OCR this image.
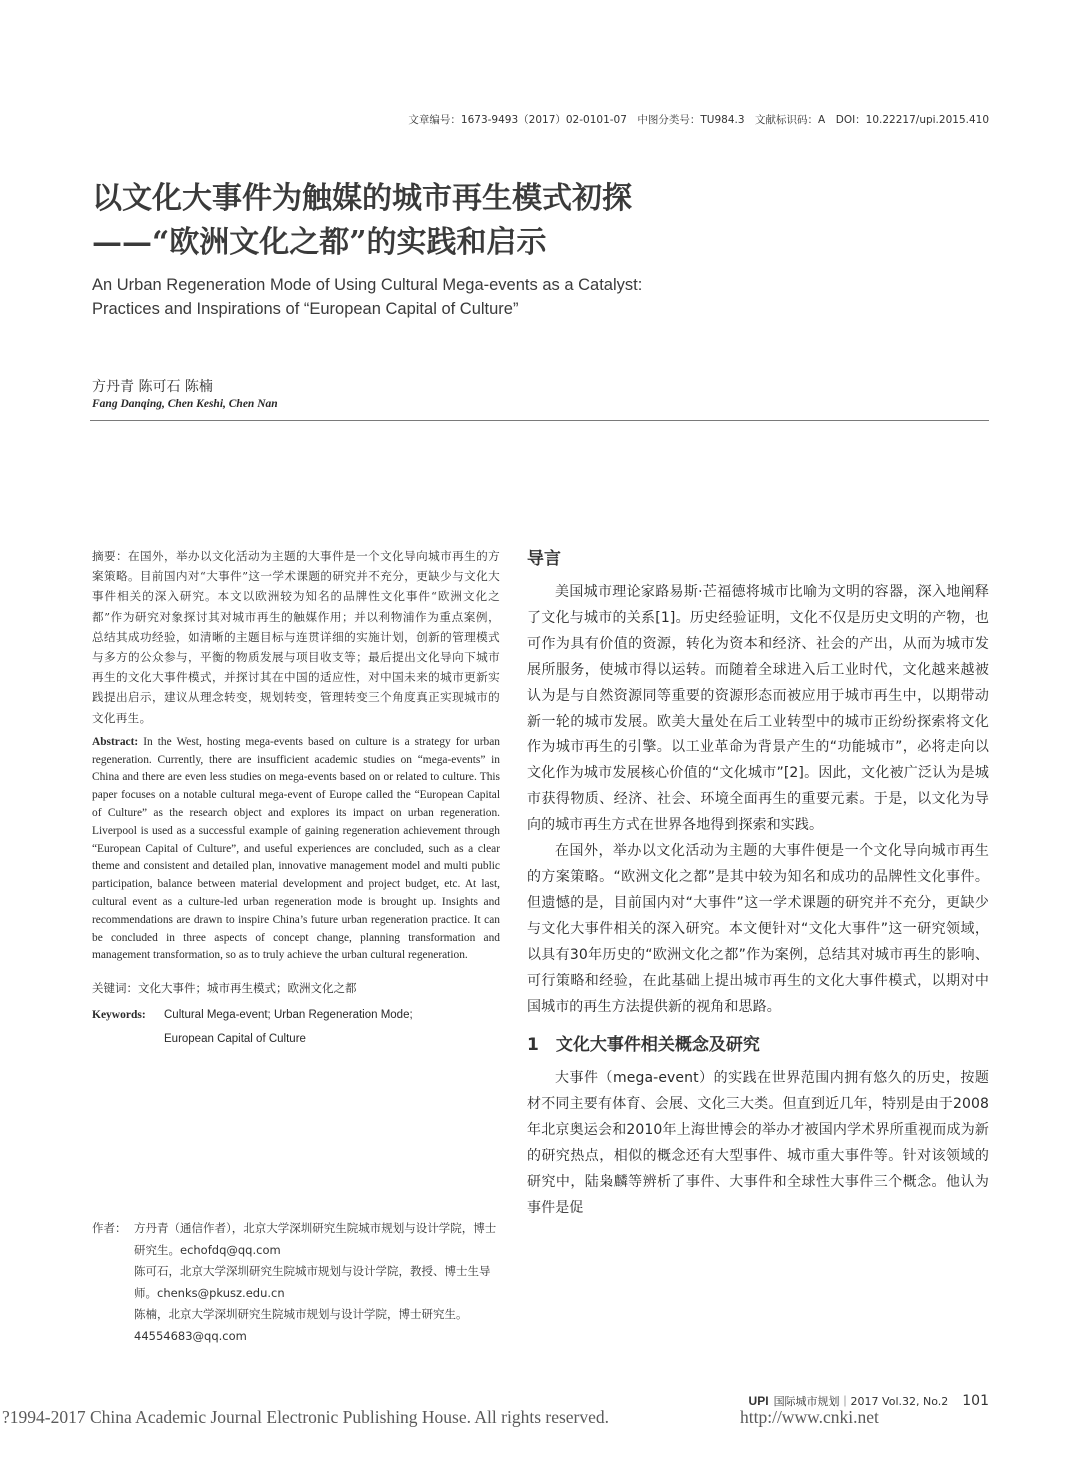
文章编号：1673-9493（2017）02-0101-07　中图分类号：TU984.3　文献标识码：A　DOI：10.22217/upi.2015.410
以文化大事件为触媒的城市再生模式初探
——“欧洲文化之都”的实践和启示
An Urban Regeneration Mode of Using Cultural Mega-events as a Catalyst:
Practices and Inspirations of “European Capital of Culture”
方丹青 陈可石 陈楠
Fang Danqing, Chen Keshi, Chen Nan

摘要：在国外，举办以文化活动为主题的大事件是一个文化导向城市再生的方案策略。目前国内对“大事件”这一学术课题的研究并不充分，更缺少与文化大事件相关的深入研究。本文以欧洲较为知名的品牌性文化事件“欧洲文化之都”作为研究对象探讨其对城市再生的触媒作用；并以利物浦作为重点案例，总结其成功经验，如清晰的主题目标与连贯详细的实施计划，创新的管理模式与多方的公众参与，平衡的物质发展与项目收支等；最后提出文化导向下城市再生的文化大事件模式，并探讨其在中国的适应性，对中国未来的城市更新实践提出启示，建议从理念转变，规划转变，管理转变三个角度真正实现城市的文化再生。

Abstract: In the West, hosting mega-events based on culture is a strategy for urban regeneration. Currently, there are insufficient academic studies on “mega-events” in China and there are even less studies on mega-events based on or related to culture. This paper focuses on a notable cultural mega-event of Europe called the “European Capital of Culture” as the research object and explores its impact on urban regeneration. Liverpool is used as a successful example of gaining regeneration achievement through “European Capital of Culture”, and useful experiences are concluded, such as a clear theme and consistent and detailed plan, innovative management model and multi public participation, balance between material development and project budget, etc. At last, cultural event as a culture-led urban regeneration mode is brought up. Insights and recommendations are drawn to inspire China’s future urban regeneration practice. It can be concluded in three aspects of concept change, planning transformation and management transformation, so as to truly achieve the urban cultural regeneration.

关键词：文化大事件；城市再生模式；欧洲文化之都

Keywords:	Cultural Mega-event; Urban Regeneration Mode;
European Capital of Culture
作者： 方丹青（通信作者），北京大学深圳研究生院城市规划与设计学院，博士研究生。echofdq@qq.com
陈可石，北京大学深圳研究生院城市规划与设计学院，教授、博士生导师。chenks@pkusz.edu.cn
陈楠，北京大学深圳研究生院城市规划与设计学院，博士研究生。44554683@qq.com
导言

美国城市理论家路易斯·芒福德将城市比喻为文明的容器，深入地阐释了文化与城市的关系[1]。历史经验证明，文化不仅是历史文明的产物，也可作为具有价值的资源，转化为资本和经济、社会的产出，从而为城市发展所服务，使城市得以运转。而随着全球进入后工业时代，文化越来越被认为是与自然资源同等重要的资源形态而被应用于城市再生中，以期带动新一轮的城市发展。欧美大量处在后工业转型中的城市正纷纷探索将文化作为城市再生的引擎。以工业革命为背景产生的“功能城市”，必将走向以文化作为城市发展核心价值的“文化城市”[2]。因此，文化被广泛认为是城市获得物质、经济、社会、环境全面再生的重要元素。于是，以文化为导向的城市再生方式在世界各地得到探索和实践。

在国外，举办以文化活动为主题的大事件便是一个文化导向城市再生的方案策略。“欧洲文化之都”是其中较为知名和成功的品牌性文化事件。但遗憾的是，目前国内对“大事件”这一学术课题的研究并不充分，更缺少与文化大事件相关的深入研究。本文便针对“文化大事件”这一研究领域，以具有30年历史的“欧洲文化之都”作为案例，总结其对城市再生的影响、可行策略和经验，在此基础上提出城市再生的文化大事件模式，以期对中国城市的再生方法提供新的视角和思路。

1　文化大事件相关概念及研究

大事件（mega-event）的实践在世界范围内拥有悠久的历史，按题材不同主要有体育、会展、文化三大类。但直到近几年，特别是由于2008年北京奥运会和2010年上海世博会的举办才被国内学术界所重视而成为新的研究热点，相似的概念还有大型事件、城市重大事件等。针对该领域的研究中，陆枭麟等辨析了事件、大事件和全球性大事件三个概念。他认为事件是促

UPI 国际城市规划｜2017 Vol.32, No.2 101
?1994-2017 China Academic Journal Electronic Publishing House. All rights reserved.	http://www.cnki.net
